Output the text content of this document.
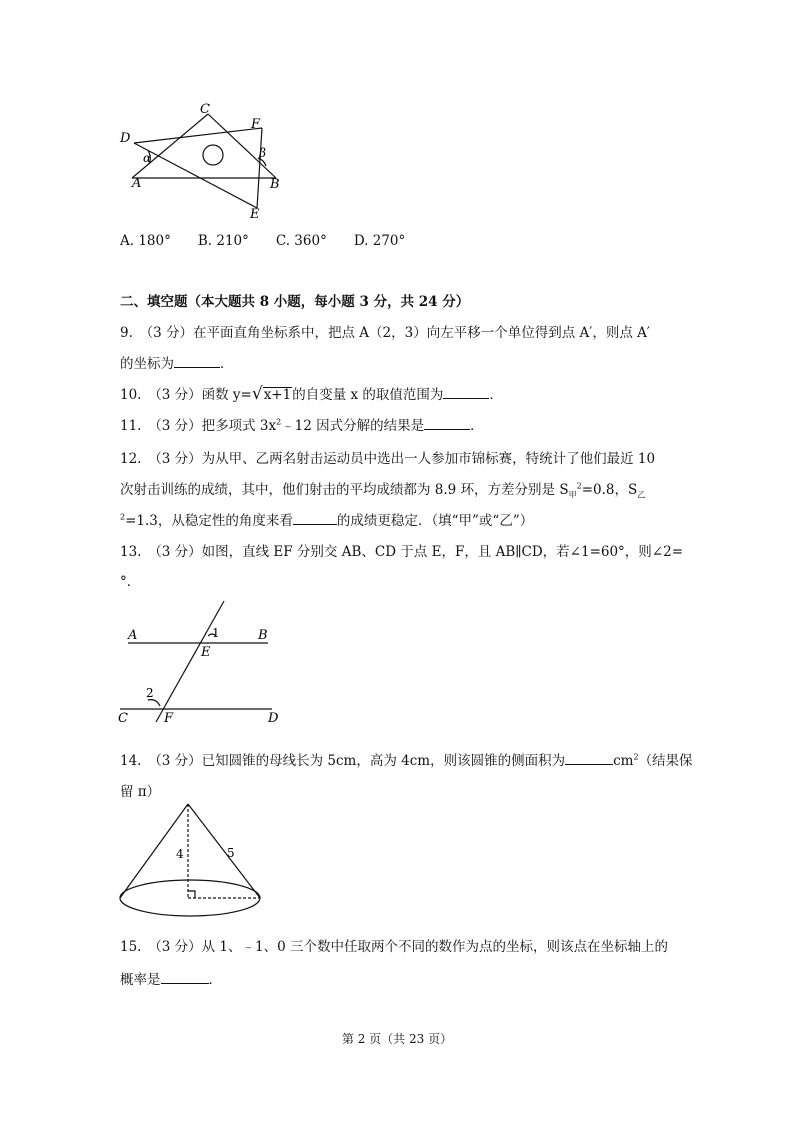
C
F
D
α	β
A	B
E
A. 180°　　B. 210°　　C. 360°　　D. 270°
二、填空题（本大题共 8 小题，每小题 3 分，共 24 分）
9.　（3 分）在平面直角坐标系中，把点 A（2，3）向左平移一个单位得到点 A′，则点 A′
的坐标为	．
10.　（3 分）函数 y=√x+1的自变量 x 的取值范围为	．
11.　（3 分）把多项式 $3x^2﹣12$ 因式分解的结果是	．
12.　（3 分）为从甲、乙两名射击运动员中选出一人参加市锦标赛，特统计了他们最近 10
次射击训练的成绩，其中，他们射击的平均成绩都为 8.9 环，方差分别是 $S_甲^2=0.8$，$S_乙$
$^2$=1.3，从稳定性的角度来看	的成绩更稳定．（填“甲”或“乙”）
13.　（3 分）如图，直线 EF 分别交 AB、CD 于点 E，F，且 AB∥CD，若∠1=60°，则∠2=
°．
A	B
1
E
2
C	F	D
14.　（3 分）已知圆锥的母线长为 5cm，高为 4cm，则该圆锥的侧面积为	$cm^2$（结果保
留 π）
4	5
15.　（3 分）从 1、﹣1、0 三个数中任取两个不同的数作为点的坐标，则该点在坐标轴上的
概率是	．
第 2 页（共 23 页）
